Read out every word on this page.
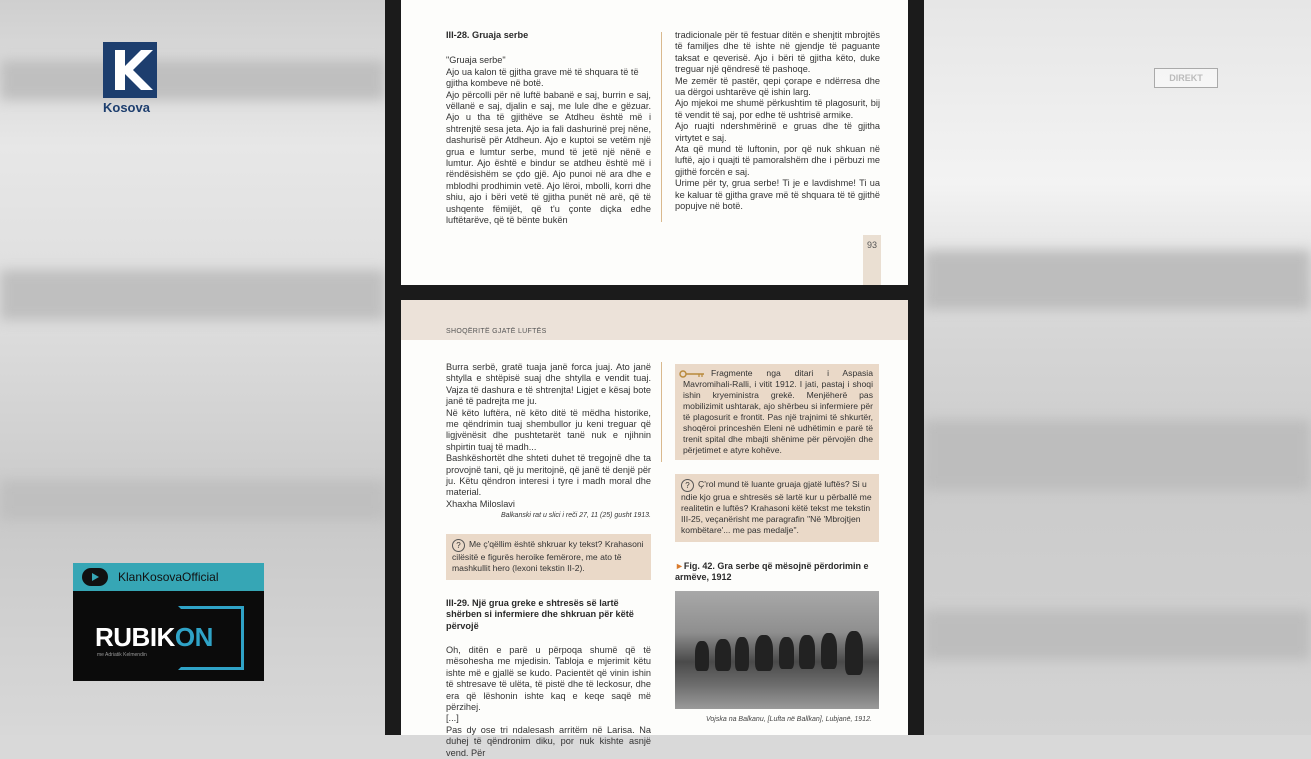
Kosova
DIREKT

III-28. Gruaja serbe

"Gruaja serbe"

Ajo ua kalon të gjitha grave më të shquara të të gjitha kombeve në botë.

Ajo përcolli për në luftë babanë e saj, burrin e saj, vëllanë e saj, djalin e saj, me lule dhe e gëzuar. Ajo u tha të gjithëve se Atdheu është më i shtrenjtë sesa jeta. Ajo ia fali dashurinë prej nëne, dashurisë për Atdheun. Ajo e kuptoi se vetëm një grua e lumtur serbe, mund të jetë një nënë e lumtur. Ajo është e bindur se atdheu është më i rëndësishëm se çdo gjë. Ajo punoi në ara dhe e mblodhi prodhimin vetë. Ajo lëroi, mbolli, korri dhe shiu, ajo i bëri vetë të gjitha punët në arë, që të ushqente fëmijët, që t'u çonte diçka edhe luftëtarëve, që të bënte bukën

tradicionale për të festuar ditën e shenjtit mbrojtës të familjes dhe të ishte në gjendje të paguante taksat e qeverisë. Ajo i bëri të gjitha këto, duke treguar një qëndresë të pashoqe.

Me zemër të pastër, qepi çorape e ndërresa dhe ua dërgoi ushtarëve që ishin larg.

Ajo mjekoi me shumë përkushtim të plagosurit, bij të vendit të saj, por edhe të ushtrisë armike.

Ajo ruajti ndershmërinë e gruas dhe të gjitha virtytet e saj.

Ata që mund të luftonin, por që nuk shkuan në luftë, ajo i quajti të pamoralshëm dhe i përbuzi me gjithë forcën e saj.

Urime për ty, grua serbe! Ti je e lavdishme! Ti ua ke kaluar të gjitha grave më të shquara të të gjithë popujve në botë.

93
SHOQËRITË GJATË LUFTËS

Burra serbë, gratë tuaja janë forca juaj. Ato janë shtylla e shtëpisë suaj dhe shtylla e vendit tuaj. Vajza të dashura e të shtrenjta! Ligjet e kësaj bote janë të padrejta me ju.

Në këto luftëra, në këto ditë të mëdha historike, me qëndrimin tuaj shembullor ju keni treguar që ligjvënësit dhe pushtetarët tanë nuk e njihnin shpirtin tuaj të madh...

Bashkëshortët dhe shteti duhet të tregojnë dhe ta provojnë tani, që ju meritojnë, që janë të denjë për ju. Këtu qëndron interesi i tyre i madh moral dhe material.

Xhaxha Miloslavi

Balkanski rat u slici i reči 27, 11 (25) gusht 1913.

? Me ç'qëllim është shkruar ky tekst? Krahasoni cilësitë e figurës heroike femërore, me ato të mashkullit hero (lexoni tekstin II-2).
III-29. Një grua greke e shtresës së lartë shërben si infermiere dhe shkruan për këtë përvojë

Oh, ditën e parë u përpoqa shumë që të mësohesha me mjedisin. Tabloja e mjerimit këtu ishte më e gjallë se kudo. Pacientët që vinin ishin të shtresave të ulëta, të pistë dhe të leckosur, dhe era që lëshonin ishte kaq e keqe saqë më përzihej.

[...]

Pas dy ose tri ndalesash arritëm në Larisa. Na duhej të qëndronim diku, por nuk kishte asnjë vend. Për

Fragmente nga ditari i Aspasia Mavromihali-Ralli, i vitit 1912. I jati, pastaj i shoqi ishin kryeministra grekë. Menjëherë pas mobilizimit ushtarak, ajo shërbeu si infermiere për të plagosurit e frontit. Pas një trajnimi të shkurtër, shoqëroi princeshën Eleni në udhëtimin e parë të trenit spital dhe mbajti shënime për përvojën dhe përjetimet e atyre kohëve.
? Ç'rol mund të luante gruaja gjatë luftës? Si u ndie kjo grua e shtresës së lartë kur u përballë me realitetin e luftës? Krahasoni këtë tekst me tekstin III-25, veçanërisht me paragrafin "Në 'Mbrojtjen kombëtare'... me pas medalje".
►Fig. 42. Gra serbe që mësojnë përdorimin e armëve, 1912
Vojska na Balkanu, [Lufta në Ballkan], Lubjanë, 1912.
KlanKosovaOfficial
RUBIKON
me Adriatik Kelmendin
